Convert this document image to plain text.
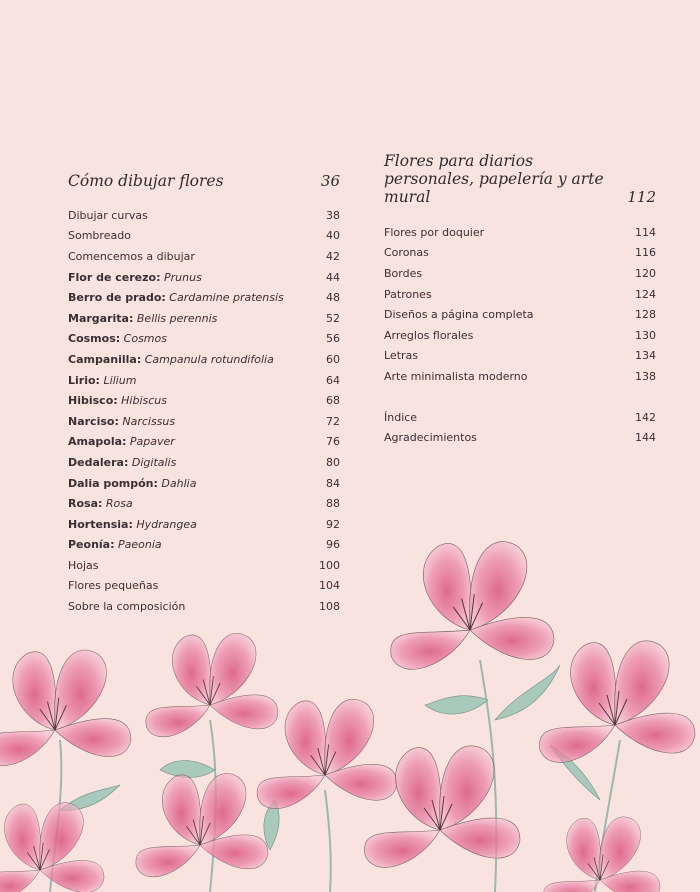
Cómo dibujar flores	36
Dibujar curvas	38
Sombreado	40
Comencemos a dibujar	42
Flor de cerezo: Prunus	44
Berro de prado: Cardamine pratensis	48
Margarita: Bellis perennis	52
Cosmos: Cosmos	56
Campanilla: Campanula rotundifolia	60
Lirio: Lilium	64
Hibisco: Hibiscus	68
Narciso: Narcissus	72
Amapola: Papaver	76
Dedalera: Digitalis	80
Dalia pompón: Dahlia	84
Rosa: Rosa	88
Hortensia: Hydrangea	92
Peonía: Paeonia	96
Hojas	100
Flores pequeñas	104
Sobre la composición	108
Flores para diarios personales, papelería y arte mural	112
Flores por doquier	114
Coronas	116
Bordes	120
Patrones	124
Diseños a página completa	128
Arreglos florales	130
Letras	134
Arte minimalista moderno	138
Índice	142
Agradecimientos	144
